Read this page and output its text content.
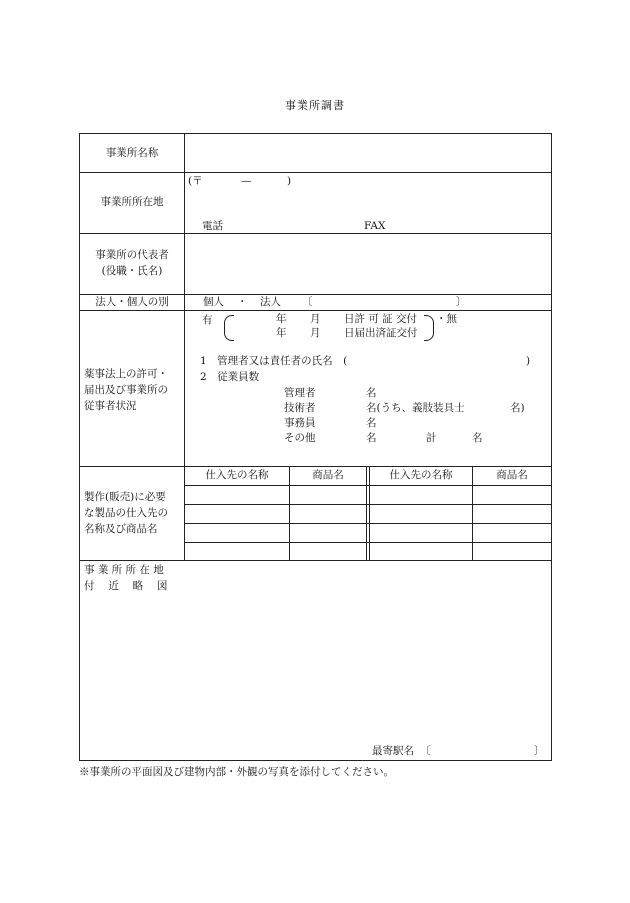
事業所調書
事業所名称
事業所所在地
(〒	—	)
電話	FAX
事業所の代表者
(役職・氏名)
法人・個人の別	個人 ・ 法人 〔	〕
薬事法上の許可・
届出及び事業所の
従事者状況
有	年 月 日許 可 証 交付
年 月 日届出済証交付
・無
1　管理者又は責任者の氏名　(	)
2　従業員数
管理者	名
技術者	名(うち、義肢装具士	名)
事務員	名
その他	名	計	名
製作(販売)に必要
な製品の仕入先の
名称及び商品名
仕入先の名称	商品名	仕入先の名称	商品名
事 業 所 所 在 地
付　 近　 略　 図
最寄駅名 〔	〕
※事業所の平面図及び建物内部・外観の写真を添付してください。
